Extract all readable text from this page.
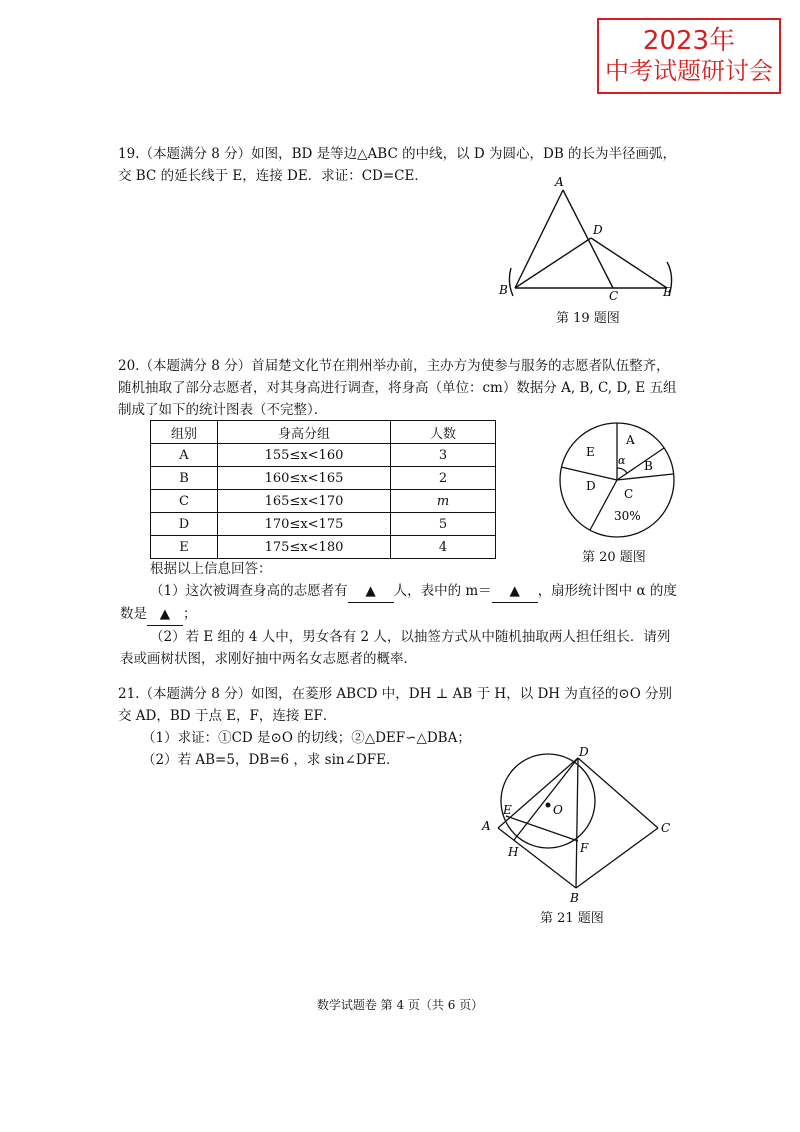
2023年
中考试题研讨会

19.（本题满分 8 分）如图，BD 是等边△ABC 的中线，以 D 为圆心，DB 的长为半径画弧，

交 BC 的延长线于 E，连接 DE．求证：CD=CE．	A
B	C
D
E
第 19 题图

20.（本题满分 8 分）首届楚文化节在荆州举办前，主办方为使参与服务的志愿者队伍整齐，

随机抽取了部分志愿者，对其身高进行调查，将身高（单位：cm）数据分 A, B, C, D, E 五组

制成了如下的统计图表（不完整）．

组别	身高分组	人数
A	155≤x<160	3
B	160≤x<165	2
C	165≤x<170	m
D	170≤x<175	5
E	175≤x<180	4
A
B
C
30%
D
E
α
第 20 题图

根据以上信息回答：

（1）这次被调查身高的志愿者有 ▲ 人，表中的 m＝ ▲ ，扇形统计图中 α 的度

数是 ▲ ；

（2）若 E 组的 4 人中，男女各有 2 人，以抽签方式从中随机抽取两人担任组长．请列

表或画树状图，求刚好抽中两名女志愿者的概率．

21.（本题满分 8 分）如图，在菱形 ABCD 中，DH ⊥ AB 于 H，以 DH 为直径的⊙O 分别

交 AD，BD 于点 E，F，连接 EF．

（1）求证：①CD 是⊙O 的切线；②△DEF∽△DBA；

（2）若 AB=5，DB=6 ，求 sin∠DFE．	D
A	C
B
E	O
H	F
第 21 题图
数学试题卷 第 4 页（共 6 页）
